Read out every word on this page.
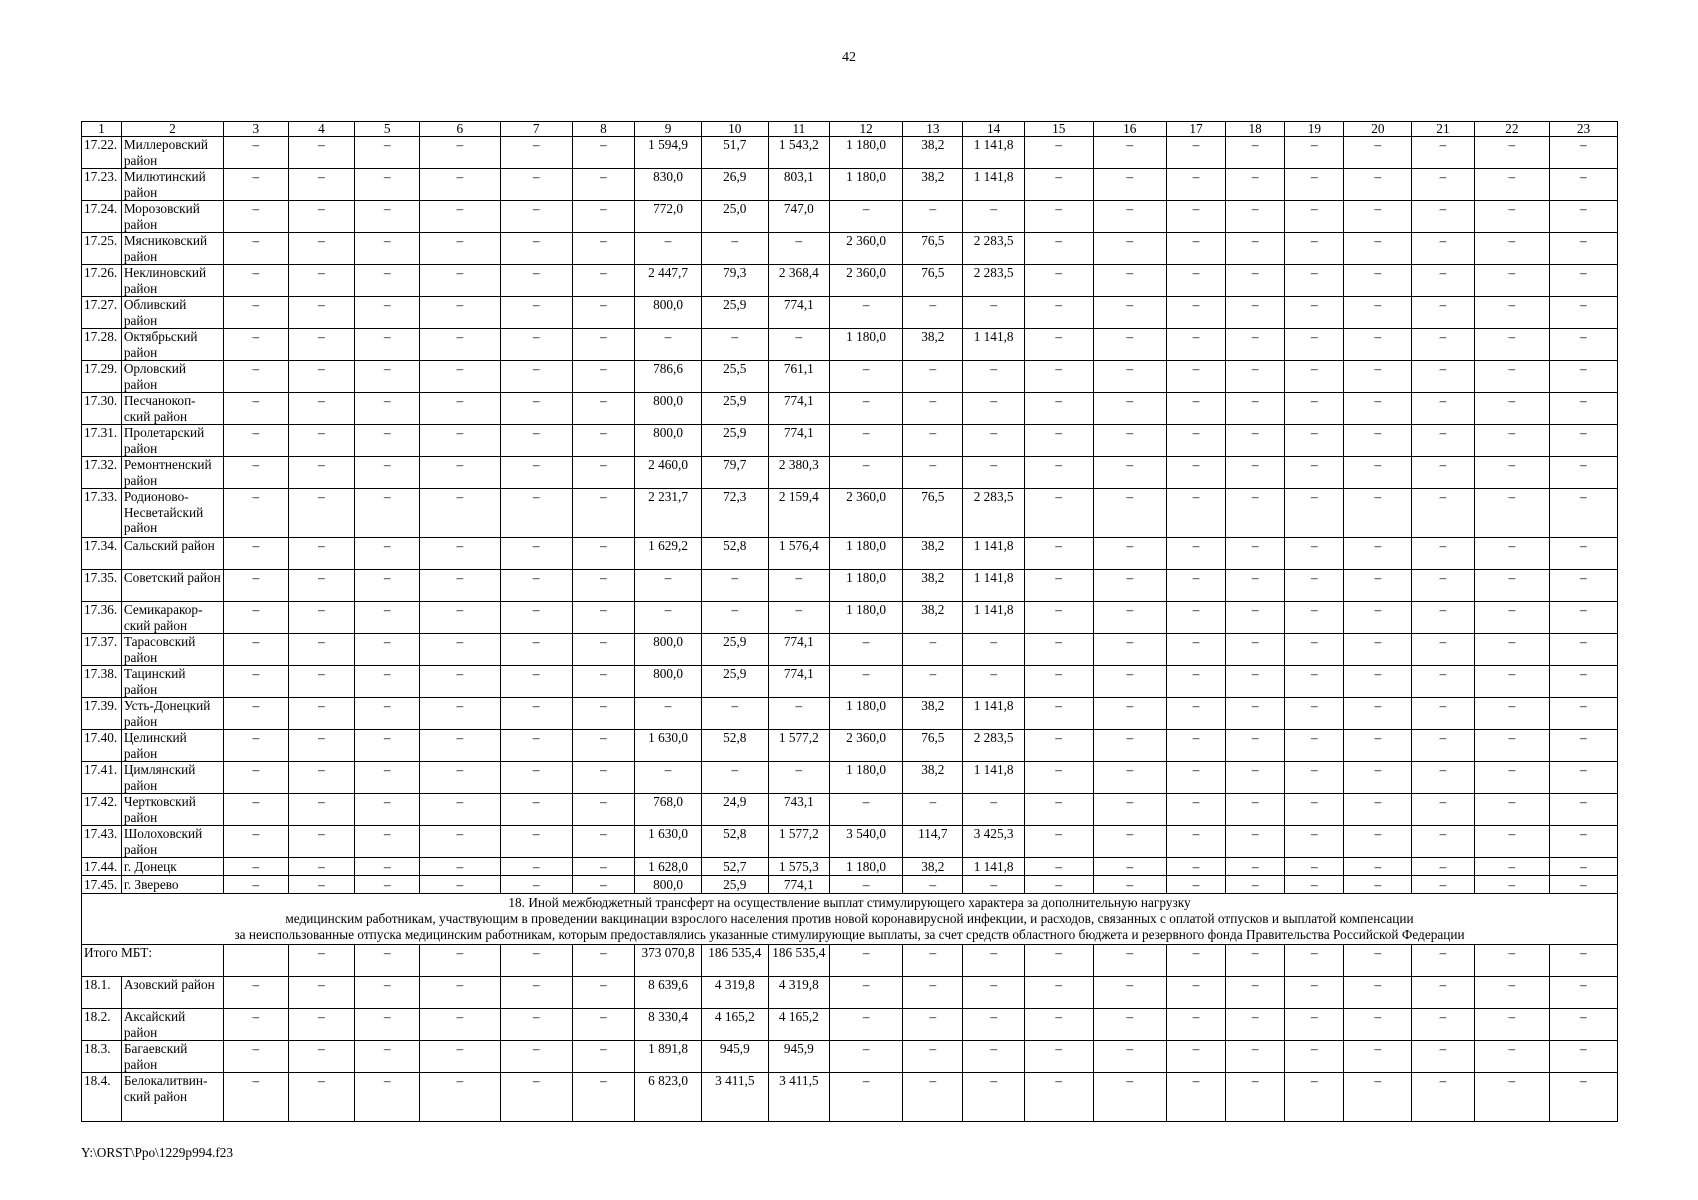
42
1	2	3	4	5	6	7	8	9	10	11	12	13	14	15	16	17	18	19	20	21	22	23
17.22.	Миллеровский район	–	–	–	–	–	–	1 594,9	51,7	1 543,2	1 180,0	38,2	1 141,8	–	–	–	–	–	–	–	–	–
17.23.	Милютинский район	–	–	–	–	–	–	830,0	26,9	803,1	1 180,0	38,2	1 141,8	–	–	–	–	–	–	–	–	–
17.24.	Морозовский район	–	–	–	–	–	–	772,0	25,0	747,0	–	–	–	–	–	–	–	–	–	–	–	–
17.25.	Мясниковский район	–	–	–	–	–	–	–	–	–	2 360,0	76,5	2 283,5	–	–	–	–	–	–	–	–	–
17.26.	Неклиновский район	–	–	–	–	–	–	2 447,7	79,3	2 368,4	2 360,0	76,5	2 283,5	–	–	–	–	–	–	–	–	–
17.27.	Обливский район	–	–	–	–	–	–	800,0	25,9	774,1	–	–	–	–	–	–	–	–	–	–	–	–
17.28.	Октябрьский район	–	–	–	–	–	–	–	–	–	1 180,0	38,2	1 141,8	–	–	–	–	–	–	–	–	–
17.29.	Орловский район	–	–	–	–	–	–	786,6	25,5	761,1	–	–	–	–	–	–	–	–	–	–	–	–
17.30.	Песчанокоп-ский район	–	–	–	–	–	–	800,0	25,9	774,1	–	–	–	–	–	–	–	–	–	–	–	–
17.31.	Пролетарский район	–	–	–	–	–	–	800,0	25,9	774,1	–	–	–	–	–	–	–	–	–	–	–	–
17.32.	Ремонтненский район	–	–	–	–	–	–	2 460,0	79,7	2 380,3	–	–	–	–	–	–	–	–	–	–	–	–
17.33.	Родионово-Несветайский район	–	–	–	–	–	–	2 231,7	72,3	2 159,4	2 360,0	76,5	2 283,5	–	–	–	–	–	–	–	–	–
17.34.	Сальский район	–	–	–	–	–	–	1 629,2	52,8	1 576,4	1 180,0	38,2	1 141,8	–	–	–	–	–	–	–	–	–
17.35.	Советский район	–	–	–	–	–	–	–	–	–	1 180,0	38,2	1 141,8	–	–	–	–	–	–	–	–	–
17.36.	Семикаракор-ский район	–	–	–	–	–	–	–	–	–	1 180,0	38,2	1 141,8	–	–	–	–	–	–	–	–	–
17.37.	Тарасовский район	–	–	–	–	–	–	800,0	25,9	774,1	–	–	–	–	–	–	–	–	–	–	–	–
17.38.	Тацинский район	–	–	–	–	–	–	800,0	25,9	774,1	–	–	–	–	–	–	–	–	–	–	–	–
17.39.	Усть-Донецкий район	–	–	–	–	–	–	–	–	–	1 180,0	38,2	1 141,8	–	–	–	–	–	–	–	–	–
17.40.	Целинский район	–	–	–	–	–	–	1 630,0	52,8	1 577,2	2 360,0	76,5	2 283,5	–	–	–	–	–	–	–	–	–
17.41.	Цимлянский район	–	–	–	–	–	–	–	–	–	1 180,0	38,2	1 141,8	–	–	–	–	–	–	–	–	–
17.42.	Чертковский район	–	–	–	–	–	–	768,0	24,9	743,1	–	–	–	–	–	–	–	–	–	–	–	–
17.43.	Шолоховский район	–	–	–	–	–	–	1 630,0	52,8	1 577,2	3 540,0	114,7	3 425,3	–	–	–	–	–	–	–	–	–
17.44.	г. Донецк	–	–	–	–	–	–	1 628,0	52,7	1 575,3	1 180,0	38,2	1 141,8	–	–	–	–	–	–	–	–	–
17.45.	г. Зверево	–	–	–	–	–	–	800,0	25,9	774,1	–	–	–	–	–	–	–	–	–	–	–	–

18. Иной межбюджетный трансферт на осуществление выплат стимулирующего характера за дополнительную нагрузку
медицинским работникам, участвующим в проведении вакцинации взрослого населения против новой коронавирусной инфекции, и расходов, связанных с оплатой отпусков и выплатой компенсации
за неиспользованные отпуска медицинским работникам, которым предоставлялись указанные стимулирующие выплаты, за счет средств областного бюджета и резервного фонда Правительства Российской Федерации																						

Итого МБТ:			–	–	–	–	–	373 070,8	186 535,4	186 535,4	–	–	–	–	–	–	–	–	–	–	–	–
18.1.	Азовский район	–	–	–	–	–	–	8 639,6	4 319,8	4 319,8	–	–	–	–	–	–	–	–	–	–	–	–
18.2.	Аксайский район	–	–	–	–	–	–	8 330,4	4 165,2	4 165,2	–	–	–	–	–	–	–	–	–	–	–	–
18.3.	Багаевский район	–	–	–	–	–	–	1 891,8	945,9	945,9	–	–	–	–	–	–	–	–	–	–	–	–
18.4.	Белокалитвин-ский район	–	–	–	–	–	–	6 823,0	3 411,5	3 411,5	–	–	–	–	–	–	–	–	–	–	–	–
Y:\ORST\Ppo\1229p994.f23
